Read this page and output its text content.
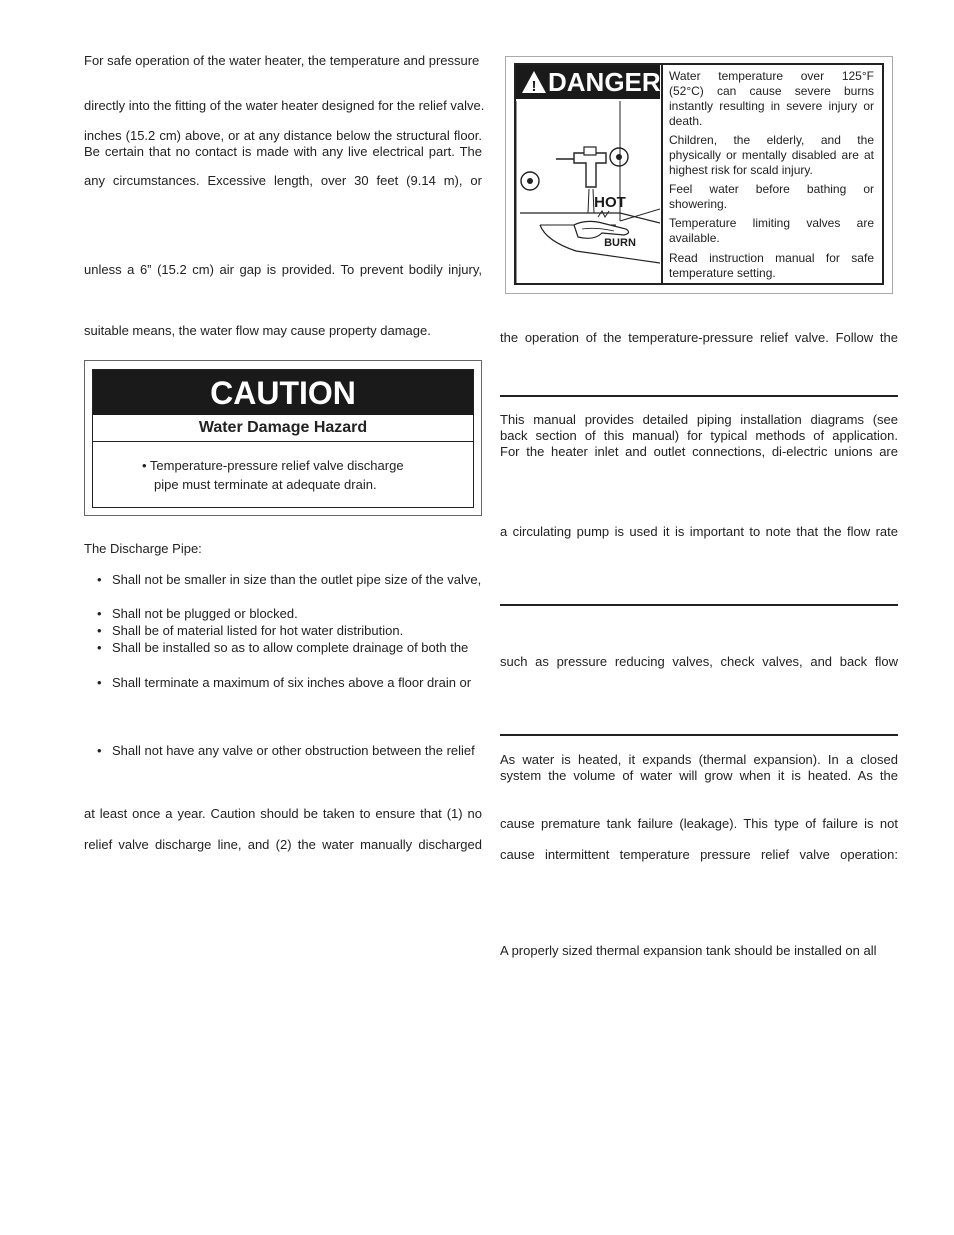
For safe operation of the water heater, the temperature and pressure
directly into the fitting of the water heater designed for the relief valve.
inches (15.2 cm) above, or at any distance below the structural floor.
Be certain that no contact is made with any live electrical part. The
any circumstances. Excessive length, over 30 feet (9.14 m), or
unless a 6” (15.2 cm) air gap is provided. To prevent bodily injury,
suitable means, the water flow may cause property damage.
CAUTION
Water Damage Hazard
• Temperature-pressure relief valve discharge
pipe must terminate at adequate drain.
The Discharge Pipe:
• Shall not be smaller in size than the outlet pipe size of the valve,
• Shall not be plugged or blocked.
• Shall be of material listed for hot water distribution.
• Shall be installed so as to allow complete drainage of both the
• Shall terminate a maximum of six inches above a floor drain or
• Shall not have any valve or other obstruction between the relief
at least once a year. Caution should be taken to ensure that (1) no
relief valve discharge line, and (2) the water manually discharged
! DANGER
HOT
BURN
Water temperature over 125°F
(52°C) can cause severe burns
instantly resulting in severe injury or
death.
Children, the elderly, and the
physically or mentally disabled are at
highest risk for scald injury.
Feel water before bathing or
showering.
Temperature limiting valves are
available.
Read instruction manual for safe
temperature setting.
the operation of the temperature-pressure relief valve. Follow the
This manual provides detailed piping installation diagrams (see
back section of this manual) for typical methods of application.
For the heater inlet and outlet connections, di-electric unions are
a circulating pump is used it is important to note that the flow rate
such as pressure reducing valves, check valves, and back flow
As water is heated, it expands (thermal expansion). In a closed
system the volume of water will grow when it is heated. As the
cause premature tank failure (leakage). This type of failure is not
cause intermittent temperature pressure relief valve operation:
A properly sized thermal expansion tank should be installed on all
